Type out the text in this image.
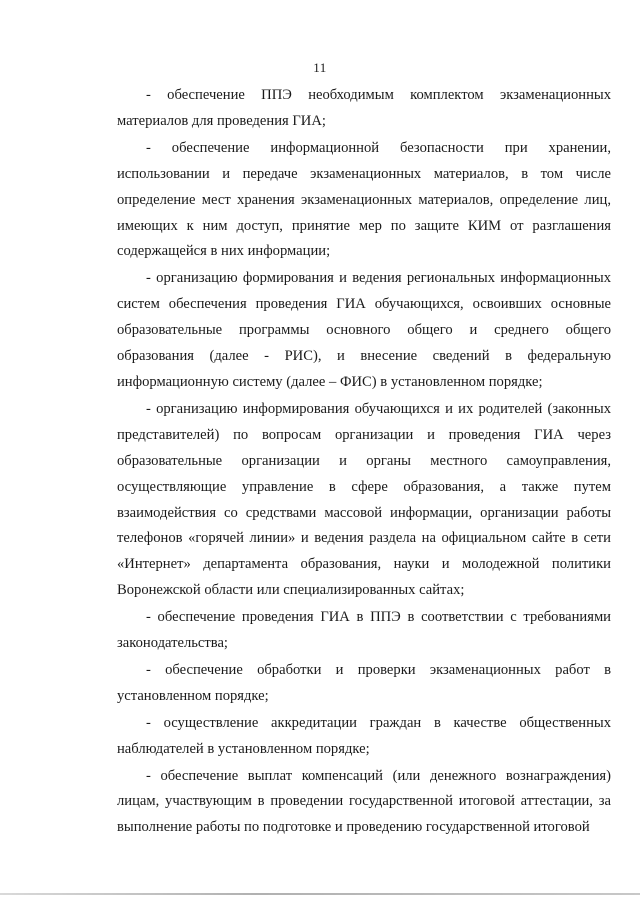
11

- обеспечение ППЭ необходимым комплектом экзаменационных материалов для проведения ГИА;

- обеспечение информационной безопасности при хранении, использовании и передаче экзаменационных материалов, в том числе определение мест хранения экзаменационных материалов, определение лиц, имеющих к ним доступ, принятие мер по защите КИМ от разглашения содержащейся в них информации;

- организацию формирования и ведения региональных информационных систем обеспечения проведения ГИА обучающихся, освоивших основные образовательные программы основного общего и среднего общего образования (далее - РИС), и внесение сведений в федеральную информационную систему (далее – ФИС) в установленном порядке;

- организацию информирования обучающихся и их родителей (законных представителей) по вопросам организации и проведения ГИА через образовательные организации и органы местного самоуправления, осуществляющие управление в сфере образования, а также путем взаимодействия со средствами массовой информации, организации работы телефонов «горячей линии» и ведения раздела на официальном сайте в сети «Интернет» департамента образования, науки и молодежной политики Воронежской области или специализированных сайтах;

- обеспечение проведения ГИА в ППЭ в соответствии с требованиями законодательства;

- обеспечение обработки и проверки экзаменационных работ в установленном порядке;

- осуществление аккредитации граждан в качестве общественных наблюдателей в установленном порядке;

- обеспечение выплат компенсаций (или денежного вознаграждения) лицам, участвующим в проведении государственной итоговой аттестации, за выполнение работы по подготовке и проведению государственной итоговой
